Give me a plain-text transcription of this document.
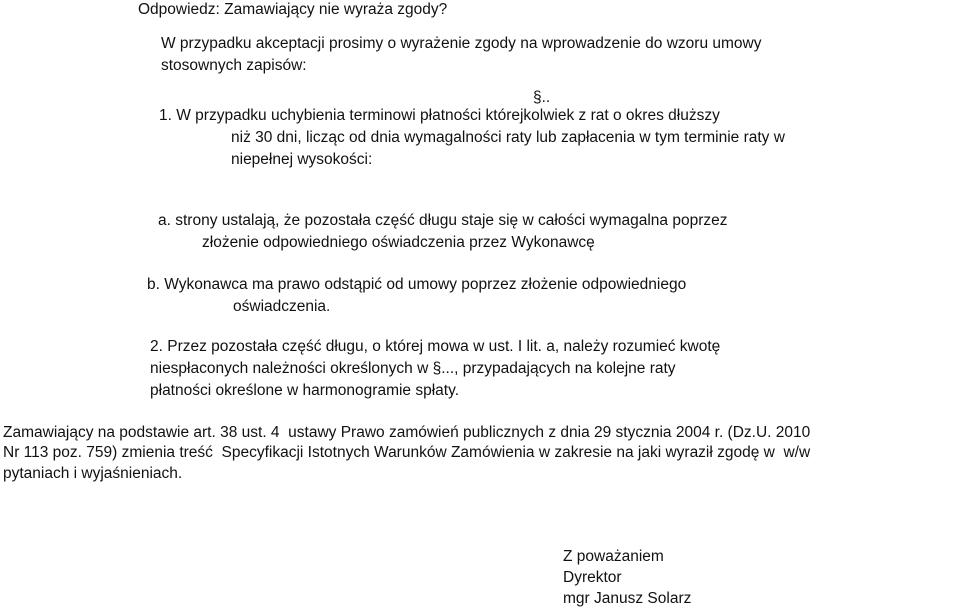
Odpowiedz: Zamawiający nie wyraża zgody?
W przypadku akceptacji prosimy o wyrażenie zgody na wprowadzenie do wzoru umowy
stosownych zapisów:
§..
1. W przypadku uchybienia terminowi płatności którejkolwiek z rat o okres dłuższy
niż 30 dni, licząc od dnia wymagalności raty lub zapłacenia w tym terminie raty w
niepełnej wysokości:
a. strony ustalają, że pozostała część długu staje się w całości wymagalna poprzez
złożenie odpowiedniego oświadczenia przez Wykonawcę
b. Wykonawca ma prawo odstąpić od umowy poprzez złożenie odpowiedniego
oświadczenia.
2. Przez pozostała część długu, o której mowa w ust. I lit. a, należy rozumieć kwotę
niespłaconych należności określonych w §..., przypadających na kolejne raty
płatności określone w harmonogramie spłaty.
Zamawiający na podstawie art. 38 ust. 4  ustawy Prawo zamówień publicznych z dnia 29 stycznia 2004 r. (Dz.U. 2010
Nr 113 poz. 759) zmienia treść  Specyfikacji Istotnych Warunków Zamówienia w zakresie na jaki wyraził zgodę w  w/w
pytaniach i wyjaśnieniach.
Z poważaniem
Dyrektor
mgr Janusz Solarz
